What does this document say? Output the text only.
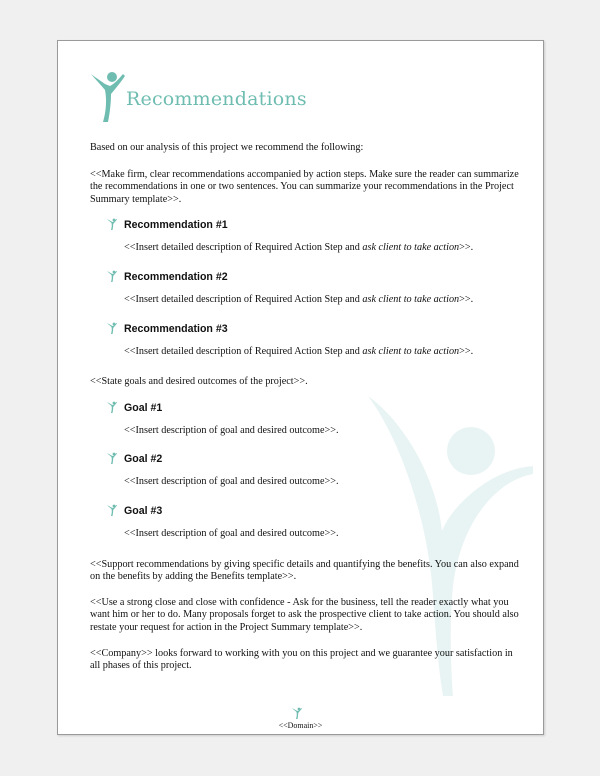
Recommendations

Based on our analysis of this project we recommend the following:

<<Make firm, clear recommendations accompanied by action steps. Make sure the reader can summarize the recommendations in one or two sentences. You can summarize your recommendations in the Project Summary template>>.

Recommendation #1
<<Insert detailed description of Required Action Step and ask client to take action>>.
Recommendation #2
<<Insert detailed description of Required Action Step and ask client to take action>>.
Recommendation #3
<<Insert detailed description of Required Action Step and ask client to take action>>.

<<State goals and desired outcomes of the project>>.

Goal #1
<<Insert description of goal and desired outcome>>.
Goal #2
<<Insert description of goal and desired outcome>>.
Goal #3
<<Insert description of goal and desired outcome>>.

<<Support recommendations by giving specific details and quantifying the benefits. You can also expand on the benefits by adding the Benefits template>>.

<<Use a strong close and close with confidence - Ask for the business, tell the reader exactly what you want him or her to do. Many proposals forget to ask the prospective client to take action. You should also restate your request for action in the Project Summary template>>.

<<Company>> looks forward to working with you on this project and we guarantee your satisfaction in all phases of this project.

<<Domain>>
